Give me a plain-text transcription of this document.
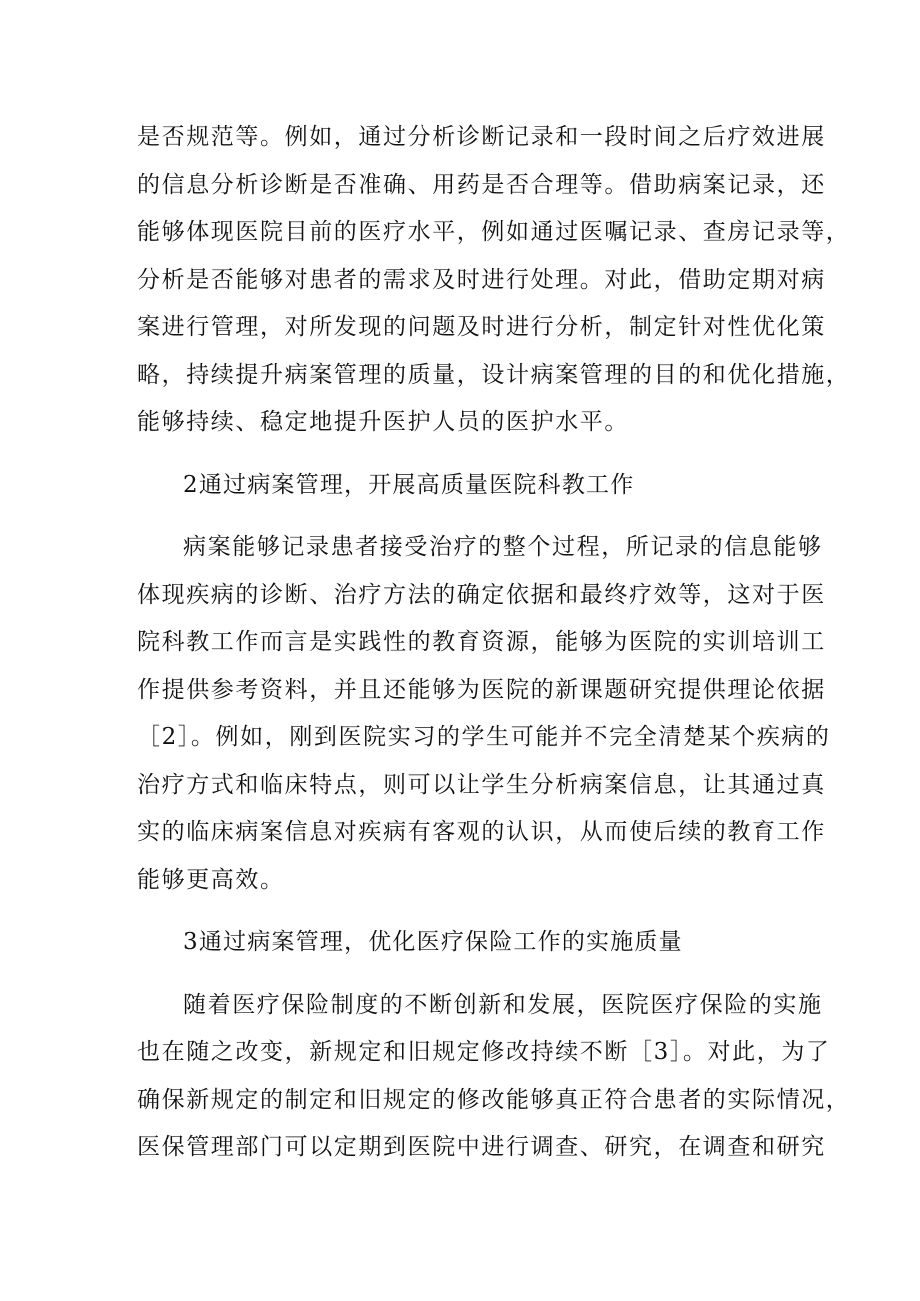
是否规范等。例如，通过分析诊断记录和一段时间之后疗效进展
的信息分析诊断是否准确、用药是否合理等。借助病案记录，还
能够体现医院目前的医疗水平，例如通过医嘱记录、查房记录等，
分析是否能够对患者的需求及时进行处理。对此，借助定期对病
案进行管理，对所发现的问题及时进行分析，制定针对性优化策
略，持续提升病案管理的质量，设计病案管理的目的和优化措施，
能够持续、稳定地提升医护人员的医护水平。
2通过病案管理，开展高质量医院科教工作
病案能够记录患者接受治疗的整个过程，所记录的信息能够
体现疾病的诊断、治疗方法的确定依据和最终疗效等，这对于医
院科教工作而言是实践性的教育资源，能够为医院的实训培训工
作提供参考资料，并且还能够为医院的新课题研究提供理论依据
［2］。例如，刚到医院实习的学生可能并不完全清楚某个疾病的
治疗方式和临床特点，则可以让学生分析病案信息，让其通过真
实的临床病案信息对疾病有客观的认识，从而使后续的教育工作
能够更高效。
3通过病案管理，优化医疗保险工作的实施质量
随着医疗保险制度的不断创新和发展，医院医疗保险的实施
也在随之改变，新规定和旧规定修改持续不断［3］。对此，为了
确保新规定的制定和旧规定的修改能够真正符合患者的实际情况，
医保管理部门可以定期到医院中进行调查、研究，在调查和研究
